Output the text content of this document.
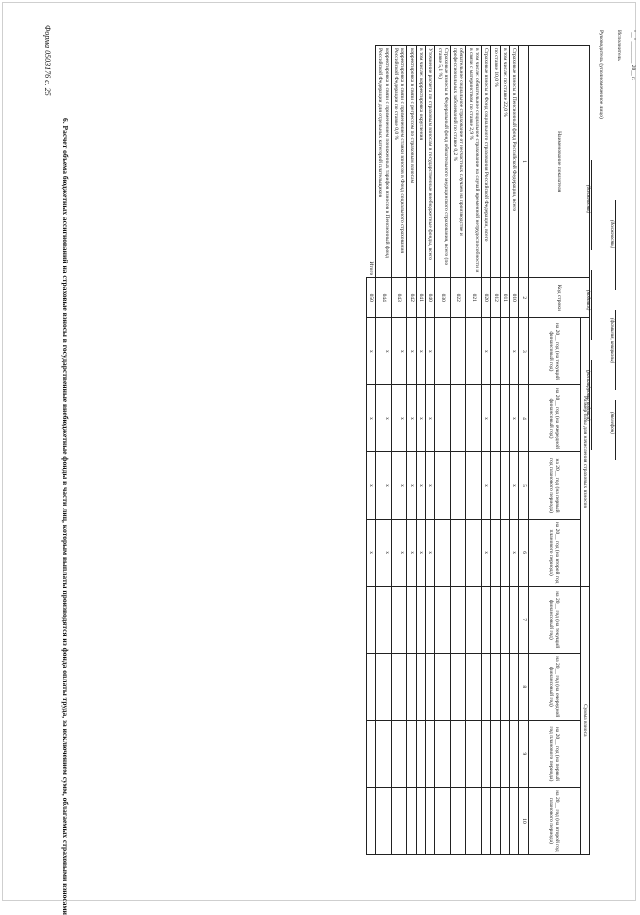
Форма 0503176 с. 25
6. Расчет объема бюджетных ассигнований на страховые взносы в государственные внебюджетные фонды в части лиц, которым выплаты производятся из фонда оплаты труда, за исключением сумм, облагаемых страховыми взносами	Наименование показателя	Код строки	Размер базы для начисления страховых взносов				Сумма взноса			
		на 20__ год (на текущий финансовый год)	на 20__ год (на очередной финансовый год)	на 20__ год (на первый год планового периода)	на 20__ год (на второй год планового периода)	на 20__ год (на текущий финансовый год)	на 20__ год (на очередной финансовый год)	на 20__ год (на первый год планового периода)	на 20__ год (на второй год планового периода)
1	2	3	4	5	6	7	8	9	10
Страховые взносы в Пенсионный фонд Российской Федерации, всего	010	x	x	x	x				
в том числе: по ставке 22,0 %	011								
по ставке 10,0 %	012								
Страховые взносы в Фонд социального страхования Российской Федерации, всего	020	x	x	x	x				
в том числе: обязательное социальное страхование на случай временной нетрудоспособности и в связи с материнством по ставке 2,9 %	021								
обязательное социальное страхование от несчастных случаев на производстве и профессиональных заболеваний по ставке 0,2 %	022								
Страховые взносы в Федеральный фонд обязательного медицинского страхования, всего (по ставке 5,1 %)	030								
Уточнение расчета по страховым взносам в государственные внебюджетные фонды, всего	040	x	x	x	x				
в том числе: корректировка округления	041	x	x	x	x				
корректировка в связи с регрессом по страховым взносам	042	x	x	x	x				
корректировка в связи с применением ставки взносов в Фонд социального страхования Российской Федерации по ставке 0,0 %	043	x	x	x	x				
корректировка в связи с применением пониженных тарифов взносов в Пенсионный фонд Российской Федерации для отдельных категорий плательщиков	044	x	x	x	x				
Итого	050	x	x	x	x				
Руководитель (уполномоченное лицо)
(должность)
(подпись)
(расшифровка подписи)
Исполнитель
(должность)
(фамилия, инициалы)
(телефон)
"__" ________ 20__ г.
